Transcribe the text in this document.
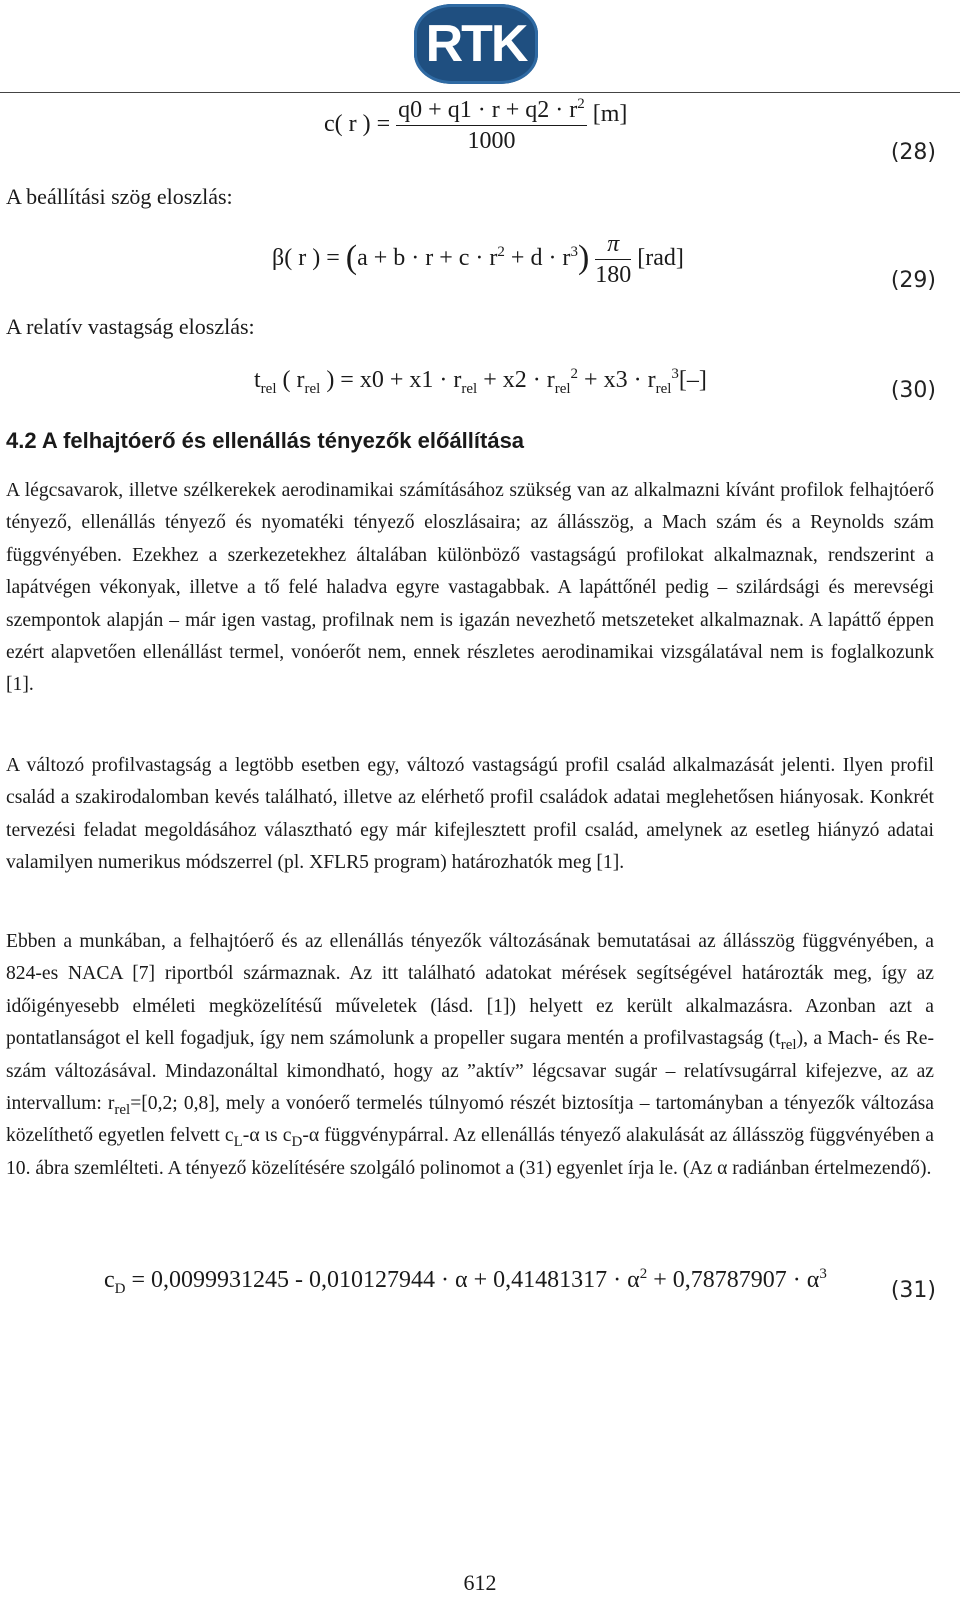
RTK
c( r ) = $\frac{q0 + q1 \cdot r + q2 \cdot r^2}{1000} [m]$
(28)
A beállítási szög eloszlás:
β( r ) = $(a + b \cdot r + c \cdot r^2 + d \cdot r^3) \frac{\pi}{180} [rad]$
(29)
A relatív vastagság eloszlás:
$t_{rel}$ ( $r_{rel}$ ) = $x0 + x1 \cdot r_{rel} + x2 \cdot r_{rel}^2 + x3 \cdot r_{rel}^3[-]$	(30)
4.2 A felhajtóerő és ellenállás tényezők előállítása

A légcsavarok, illetve szélkerekek aerodinamikai számításához szükség van az alkalmazni kívánt profilok felhajtóerő tényező, ellenállás tényező és nyomatéki tényező eloszlásaira; az állásszög, a Mach szám és a Reynolds szám függvényében. Ezekhez a szerkezetekhez általában különböző vastagságú profilokat alkalmaznak, rendszerint a lapátvégen vékonyak, illetve a tő felé haladva egyre vastagabbak. A lapáttőnél pedig – szilárdsági és merevségi szempontok alapján – már igen vastag, profilnak nem is igazán nevezhető metszeteket alkalmaznak. A lapáttő éppen ezért alapvetően ellenállást termel, vonóerőt nem, ennek részletes aerodinamikai vizsgálatával nem is foglalkozunk [1].

A változó profilvastagság a legtöbb esetben egy, változó vastagságú profil család alkalmazását jelenti. Ilyen profil család a szakirodalomban kevés található, illetve az elérhető profil családok adatai meglehetősen hiányosak. Konkrét tervezési feladat megoldásához választható egy már kifejlesztett profil család, amelynek az esetleg hiányzó adatai valamilyen numerikus módszerrel (pl. XFLR5 program) határozhatók meg [1].

Ebben a munkában, a felhajtóerő és az ellenállás tényezők változásának bemutatásai az állásszög függvényében, a 824-es NACA [7] riportból származnak. Az itt található adatokat mérések segítségével határozták meg, így az időigényesebb elméleti megközelítésű műveletek (lásd. [1]) helyett ez került alkalmazásra. Azonban azt a pontatlanságot el kell fogadjuk, így nem számolunk a propeller sugara mentén a profilvastagság $(t_{rel})$, a Mach- és Re-szám változásával. Mindazonáltal kimondható, hogy az ”aktív” légcsavar sugár – relatívsugárral kifejezve, az az intervallum: $r_{rel}=[0,2$; 0,8], mely a vonóerő termelés túlnyomó részét biztosítja – tartományban a tényezők változása közelíthető egyetlen felvett $c_L-\alpha$ ιs $c_D-\alpha$ függvénypárral. Az ellenállás tényező alakulását az állásszög függvényében a 10. ábra szemlélteti. A tényező közelítésére szolgáló polinomot a (31) egyenlet írja le. (Az α radiánban értelmezendő).

$c_D = 0,0099931245 - 0,010127944 \cdot \alpha + 0,41481317 \cdot \alpha^2 + 0,78787907 \cdot \alpha^3$
(31)
612
